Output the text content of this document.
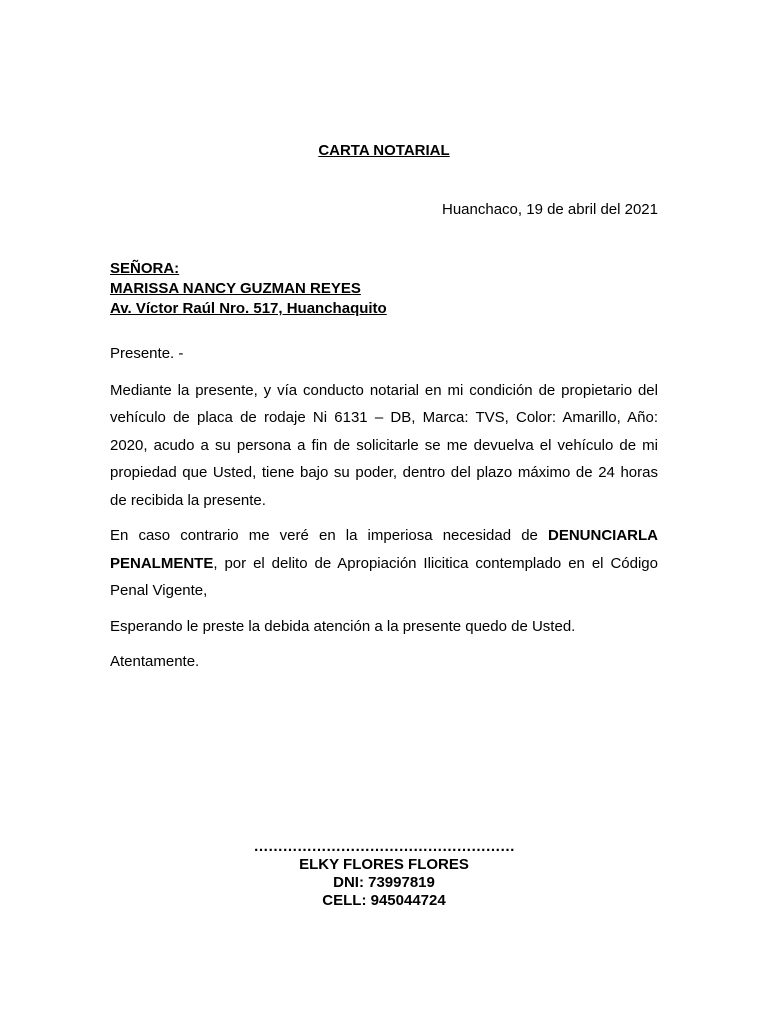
CARTA NOTARIAL
Huanchaco, 19 de abril del 2021
SEÑORA:
MARISSA NANCY GUZMAN REYES
Av. Víctor Raúl Nro. 517, Huanchaquito

Presente. -

Mediante la presente, y vía conducto notarial en mi condición de propietario del vehículo de placa de rodaje Ni 6131 – DB, Marca: TVS, Color: Amarillo, Año: 2020, acudo a su persona a fin de solicitarle se me devuelva el vehículo de mi propiedad que Usted, tiene bajo su poder, dentro del plazo máximo de 24 horas de recibida la presente.

En caso contrario me veré en la imperiosa necesidad de DENUNCIARLA PENALMENTE, por el delito de Apropiación Ilicitica contemplado en el Código Penal Vigente,

Esperando le preste la debida atención a la presente quedo de Usted.

Atentamente.

………………………………………………
ELKY FLORES FLORES
DNI: 73997819
CELL: 945044724
